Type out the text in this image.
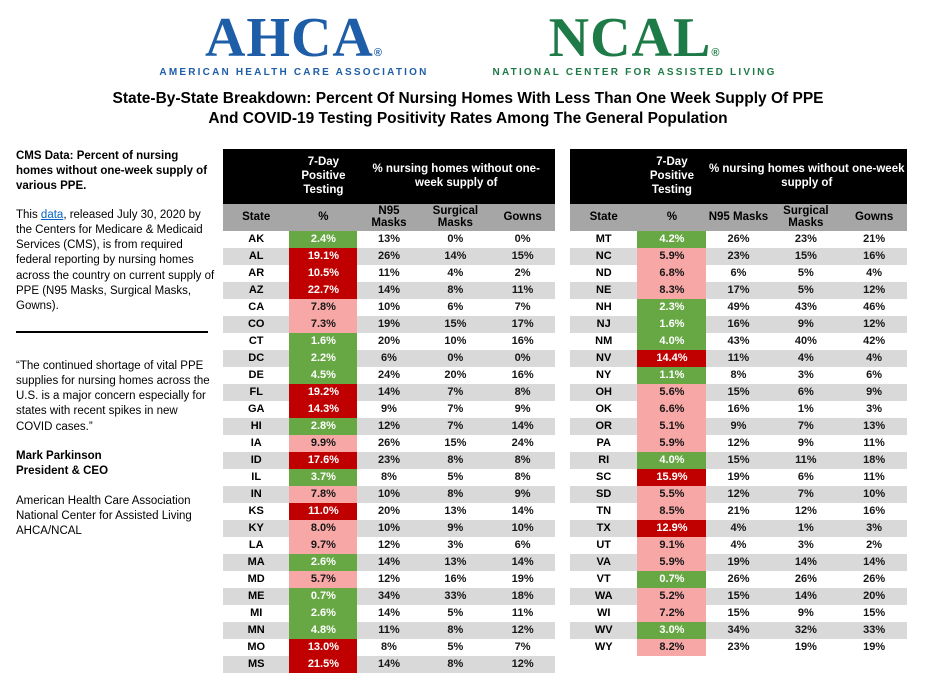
AHCA®
AMERICAN HEALTH CARE ASSOCIATION
NCAL®
NATIONAL CENTER FOR ASSISTED LIVING
State-By-State Breakdown: Percent Of Nursing Homes With Less Than One Week Supply Of PPE
And COVID-19 Testing Positivity Rates Among The General Population

CMS Data: Percent of nursing homes without one-week supply of various PPE.

This data, released July 30, 2020 by the Centers for Medicare & Medicaid Services (CMS), is from required federal reporting by nursing homes across the country on current supply of PPE (N95 Masks, Surgical Masks, Gowns).

“The continued shortage of vital PPE supplies for nursing homes across the U.S. is a major concern especially for states with recent spikes in new COVID cases.”

Mark Parkinson
President & CEO
American Health Care Association
National Center for Assisted Living
AHCA/NCAL
	7-Day Positive Testing	% nursing homes without one-week supply of		
State	%	N95 Masks	Surgical Masks	Gowns
AK	2.4%	13%	0%	0%
AL	19.1%	26%	14%	15%
AR	10.5%	11%	4%	2%
AZ	22.7%	14%	8%	11%
CA	7.8%	10%	6%	7%
CO	7.3%	19%	15%	17%
CT	1.6%	20%	10%	16%
DC	2.2%	6%	0%	0%
DE	4.5%	24%	20%	16%
FL	19.2%	14%	7%	8%
GA	14.3%	9%	7%	9%
HI	2.8%	12%	7%	14%
IA	9.9%	26%	15%	24%
ID	17.6%	23%	8%	8%
IL	3.7%	8%	5%	8%
IN	7.8%	10%	8%	9%
KS	11.0%	20%	13%	14%
KY	8.0%	10%	9%	10%
LA	9.7%	12%	3%	6%
MA	2.6%	14%	13%	14%
MD	5.7%	12%	16%	19%
ME	0.7%	34%	33%	18%
MI	2.6%	14%	5%	11%
MN	4.8%	11%	8%	12%
MO	13.0%	8%	5%	7%
MS	21.5%	14%	8%	12%
	7-Day Positive Testing	% nursing homes without one-week supply of		
State	%	N95 Masks	Surgical Masks	Gowns
MT	4.2%	26%	23%	21%
NC	5.9%	23%	15%	16%
ND	6.8%	6%	5%	4%
NE	8.3%	17%	5%	12%
NH	2.3%	49%	43%	46%
NJ	1.6%	16%	9%	12%
NM	4.0%	43%	40%	42%
NV	14.4%	11%	4%	4%
NY	1.1%	8%	3%	6%
OH	5.6%	15%	6%	9%
OK	6.6%	16%	1%	3%
OR	5.1%	9%	7%	13%
PA	5.9%	12%	9%	11%
RI	4.0%	15%	11%	18%
SC	15.9%	19%	6%	11%
SD	5.5%	12%	7%	10%
TN	8.5%	21%	12%	16%
TX	12.9%	4%	1%	3%
UT	9.1%	4%	3%	2%
VA	5.9%	19%	14%	14%
VT	0.7%	26%	26%	26%
WA	5.2%	15%	14%	20%
WI	7.2%	15%	9%	15%
WV	3.0%	34%	32%	33%
WY	8.2%	23%	19%	19%
